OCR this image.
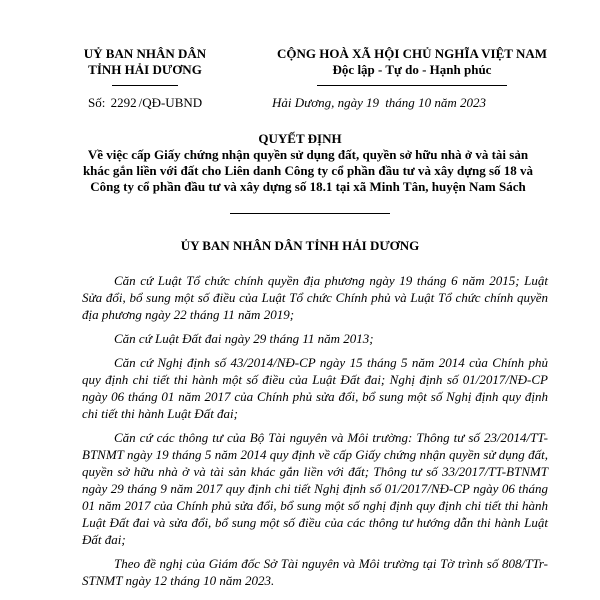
UỶ BAN NHÂN DÂN
TỈNH HẢI DƯƠNG
CỘNG HOÀ XÃ HỘI CHỦ NGHĨA VIỆT NAM
Độc lập - Tự do - Hạnh phúc
Số: 2292 /QĐ-UBND	Hải Dương, ngày 19 tháng 10 năm 2023
QUYẾT ĐỊNH
Về việc cấp Giấy chứng nhận quyền sử dụng đất, quyền sở hữu nhà ở và tài sản khác gắn liền với đất cho Liên danh Công ty cổ phần đầu tư và xây dựng số 18 và Công ty cổ phần đầu tư và xây dựng số 18.1 tại xã Minh Tân, huyện Nam Sách
ỦY BAN NHÂN DÂN TỈNH HẢI DƯƠNG

Căn cứ Luật Tổ chức chính quyền địa phương ngày 19 tháng 6 năm 2015; Luật Sửa đổi, bổ sung một số điều của Luật Tổ chức Chính phủ và Luật Tổ chức chính quyền địa phương ngày 22 tháng 11 năm 2019;

Căn cứ Luật Đất đai ngày 29 tháng 11 năm 2013;

Căn cứ Nghị định số 43/2014/NĐ-CP ngày 15 tháng 5 năm 2014 của Chính phủ quy định chi tiết thi hành một số điều của Luật Đất đai; Nghị định số 01/2017/NĐ-CP ngày 06 tháng 01 năm 2017 của Chính phủ sửa đổi, bổ sung một số Nghị định quy định chi tiết thi hành Luật Đất đai;

Căn cứ các thông tư của Bộ Tài nguyên và Môi trường: Thông tư số 23/2014/TT-BTNMT ngày 19 tháng 5 năm 2014 quy định về cấp Giấy chứng nhận quyền sử dụng đất, quyền sở hữu nhà ở và tài sản khác gắn liền với đất; Thông tư số 33/2017/TT-BTNMT ngày 29 tháng 9 năm 2017 quy định chi tiết Nghị định số 01/2017/NĐ-CP ngày 06 tháng 01 năm 2017 của Chính phủ sửa đổi, bổ sung một số nghị định quy định chi tiết thi hành Luật Đất đai và sửa đổi, bổ sung một số điều của các thông tư hướng dẫn thi hành Luật Đất đai;

Theo đề nghị của Giám đốc Sở Tài nguyên và Môi trường tại Tờ trình số 808/TTr-STNMT ngày 12 tháng 10 năm 2023.
